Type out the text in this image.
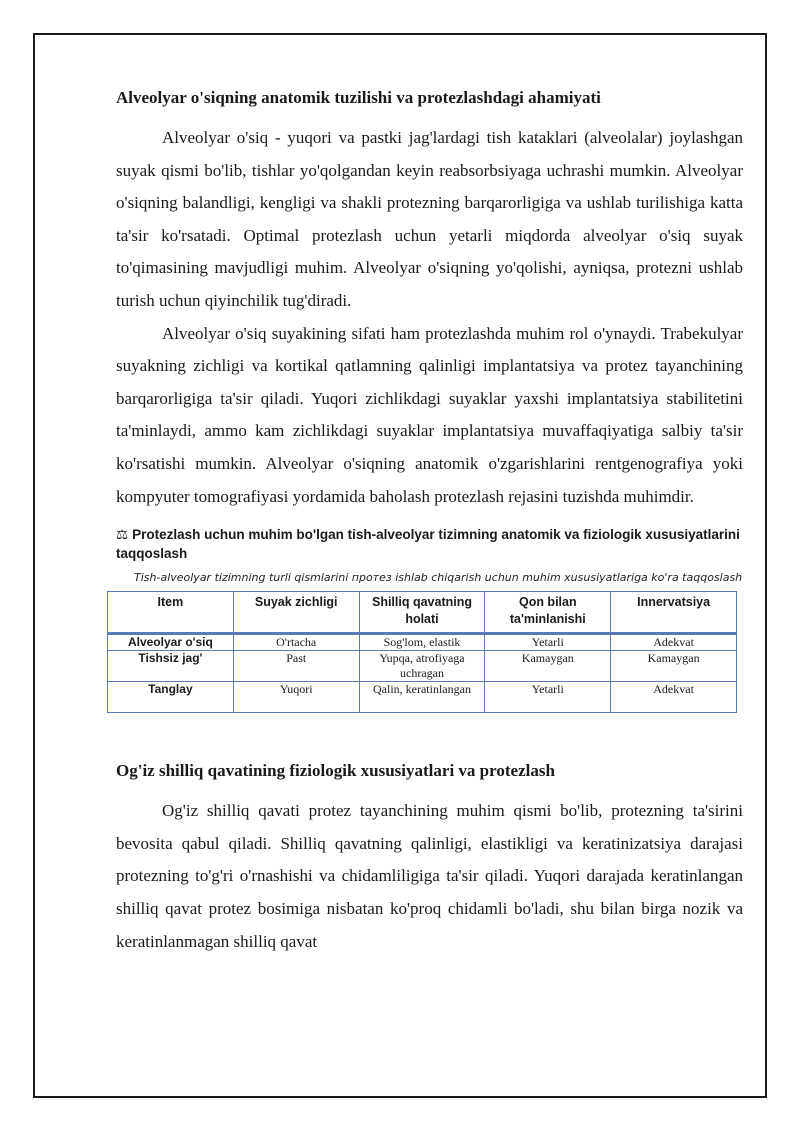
Alveolyar o'siqning anatomik tuzilishi va protezlashdagi ahamiyati

Alveolyar o'siq - yuqori va pastki jag'lardagi tish kataklari (alveolalar) joylashgan suyak qismi bo'lib, tishlar yo'qolgandan keyin reabsorbsiyaga uchrashi mumkin. Alveolyar o'siqning balandligi, kengligi va shakli protezning barqarorligiga va ushlab turilishiga katta ta'sir ko'rsatadi. Optimal protezlash uchun yetarli miqdorda alveolyar o'siq suyak to'qimasining mavjudligi muhim. Alveolyar o'siqning yo'qolishi, ayniqsa, protezni ushlab turish uchun qiyinchilik tug'diradi.

Alveolyar o'siq suyakining sifati ham protezlashda muhim rol o'ynaydi. Trabekulyar suyakning zichligi va kortikal qatlamning qalinligi implantatsiya va protez tayanchining barqarorligiga ta'sir qiladi. Yuqori zichlikdagi suyaklar yaxshi implantatsiya stabilitetini ta'minlaydi, ammo kam zichlikdagi suyaklar implantatsiya muvaffaqiyatiga salbiy ta'sir ko'rsatishi mumkin. Alveolyar o'siqning anatomik o'zgarishlarini rentgenografiya yoki kompyuter tomografiyasi yordamida baholash protezlash rejasini tuzishda muhimdir.

⚖ Protezlash uchun muhim bo'lgan tish-alveolyar tizimning anatomik va fiziologik xususiyatlarini taqqoslash
Tish-alveolyar tizimning turli qismlarini протез ishlab chiqarish uchun muhim xususiyatlariga ko'ra taqqoslash
Item	Suyak zichligi	Shilliq qavatning holati	Qon bilan ta'minlanishi	Innervatsiya
Alveolyar o'siq	O'rtacha	Sog'lom, elastik	Yetarli	Adekvat
Tishsiz jag'	Past	Yupqa, atrofiyaga uchragan	Kamaygan	Kamaygan
Tanglay	Yuqori	Qalin, keratinlangan	Yetarli	Adekvat
Og'iz shilliq qavatining fiziologik xususiyatlari va protezlash

Og'iz shilliq qavati protez tayanchining muhim qismi bo'lib, protezning ta'sirini bevosita qabul qiladi. Shilliq qavatning qalinligi, elastikligi va keratinizatsiya darajasi protezning to'g'ri o'rnashishi va chidamliligiga ta'sir qiladi. Yuqori darajada keratinlangan shilliq qavat protez bosimiga nisbatan ko'proq chidamli bo'ladi, shu bilan birga nozik va keratinlanmagan shilliq qavat
